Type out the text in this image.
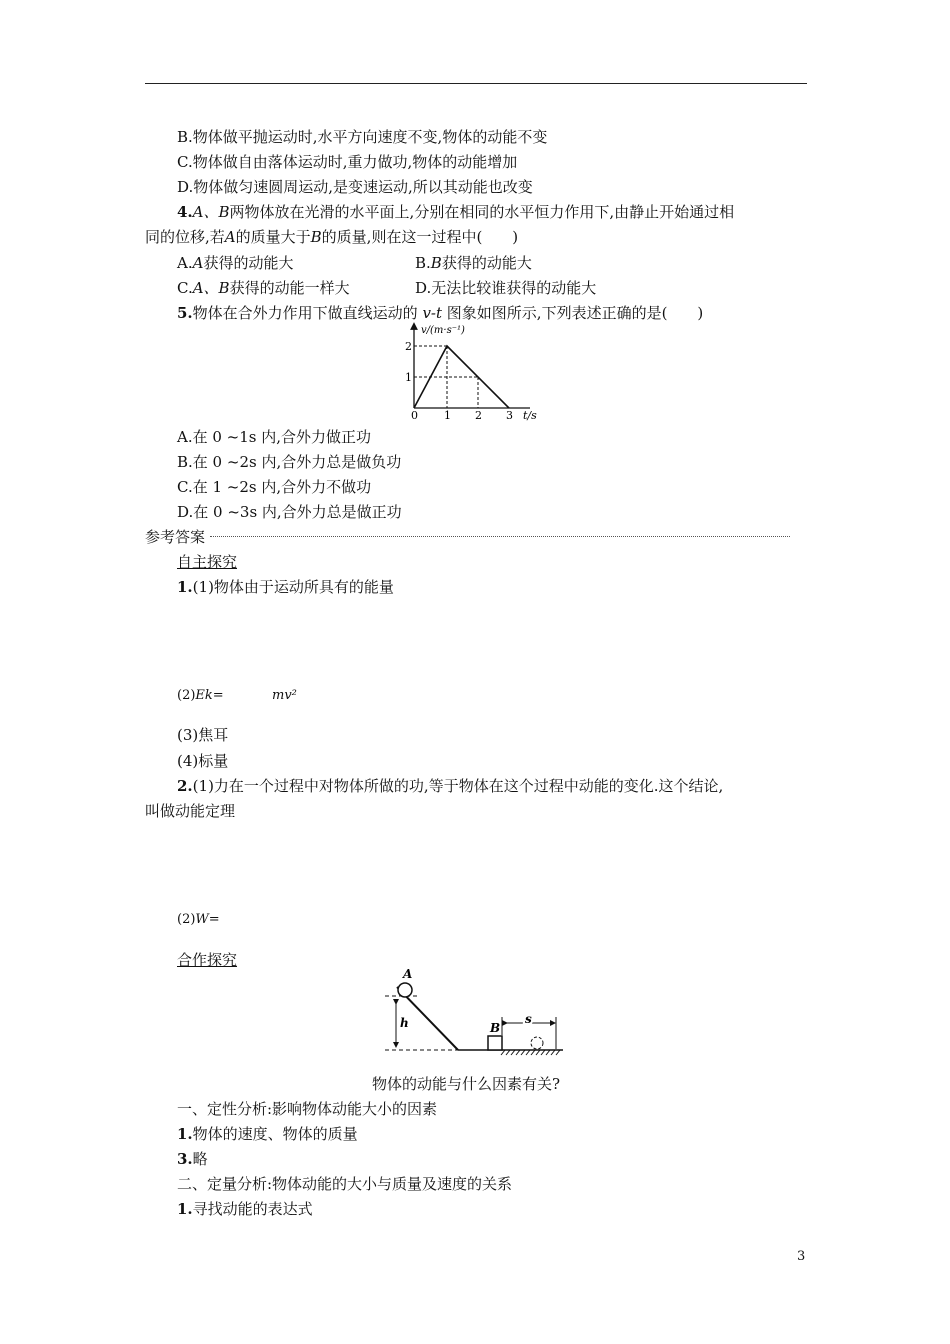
B.物体做平抛运动时,水平方向速度不变,物体的动能不变
C.物体做自由落体运动时,重力做功,物体的动能增加
D.物体做匀速圆周运动,是变速运动,所以其动能也改变
4.A、B两物体放在光滑的水平面上,分别在相同的水平恒力作用下,由静止开始通过相
同的位移,若A的质量大于B的质量,则在这一过程中(　　)
A.A获得的动能大	B.B获得的动能大
C.A、B获得的动能一样大	D.无法比较谁获得的动能大
5.物体在合外力作用下做直线运动的 v-t 图象如图所示,下列表述正确的是(　　)
v/(m·s⁻¹)
2
1
0 1 2 3 t/s
A.在 0 ~1s 内,合外力做正功
B.在 0 ~2s 内,合外力总是做负功
C.在 1 ~2s 内,合外力不做功
D.在 0 ~3s 内,合外力总是做正功
参考答案
自主探究
1.(1)物体由于运动所具有的能量
(2)Ek=	mv²
(3)焦耳
(4)标量
2.(1)力在一个过程中对物体所做的功,等于物体在这个过程中动能的变化.这个结论,
叫做动能定理
(2)W=
合作探究
A
h	B
s
物体的动能与什么因素有关?
一、定性分析:影响物体动能大小的因素
1.物体的速度、物体的质量
3.略
二、定量分析:物体动能的大小与质量及速度的关系
1.寻找动能的表达式
3
